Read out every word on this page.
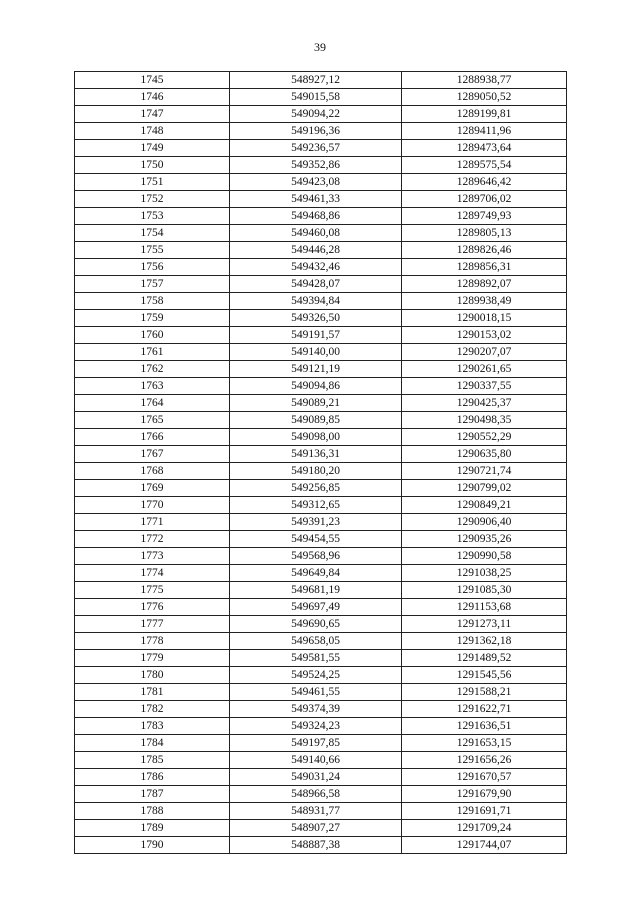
39
1745	548927,12	1288938,77
1746	549015,58	1289050,52
1747	549094,22	1289199,81
1748	549196,36	1289411,96
1749	549236,57	1289473,64
1750	549352,86	1289575,54
1751	549423,08	1289646,42
1752	549461,33	1289706,02
1753	549468,86	1289749,93
1754	549460,08	1289805,13
1755	549446,28	1289826,46
1756	549432,46	1289856,31
1757	549428,07	1289892,07
1758	549394,84	1289938,49
1759	549326,50	1290018,15
1760	549191,57	1290153,02
1761	549140,00	1290207,07
1762	549121,19	1290261,65
1763	549094,86	1290337,55
1764	549089,21	1290425,37
1765	549089,85	1290498,35
1766	549098,00	1290552,29
1767	549136,31	1290635,80
1768	549180,20	1290721,74
1769	549256,85	1290799,02
1770	549312,65	1290849,21
1771	549391,23	1290906,40
1772	549454,55	1290935,26
1773	549568,96	1290990,58
1774	549649,84	1291038,25
1775	549681,19	1291085,30
1776	549697,49	1291153,68
1777	549690,65	1291273,11
1778	549658,05	1291362,18
1779	549581,55	1291489,52
1780	549524,25	1291545,56
1781	549461,55	1291588,21
1782	549374,39	1291622,71
1783	549324,23	1291636,51
1784	549197,85	1291653,15
1785	549140,66	1291656,26
1786	549031,24	1291670,57
1787	548966,58	1291679,90
1788	548931,77	1291691,71
1789	548907,27	1291709,24
1790	548887,38	1291744,07
